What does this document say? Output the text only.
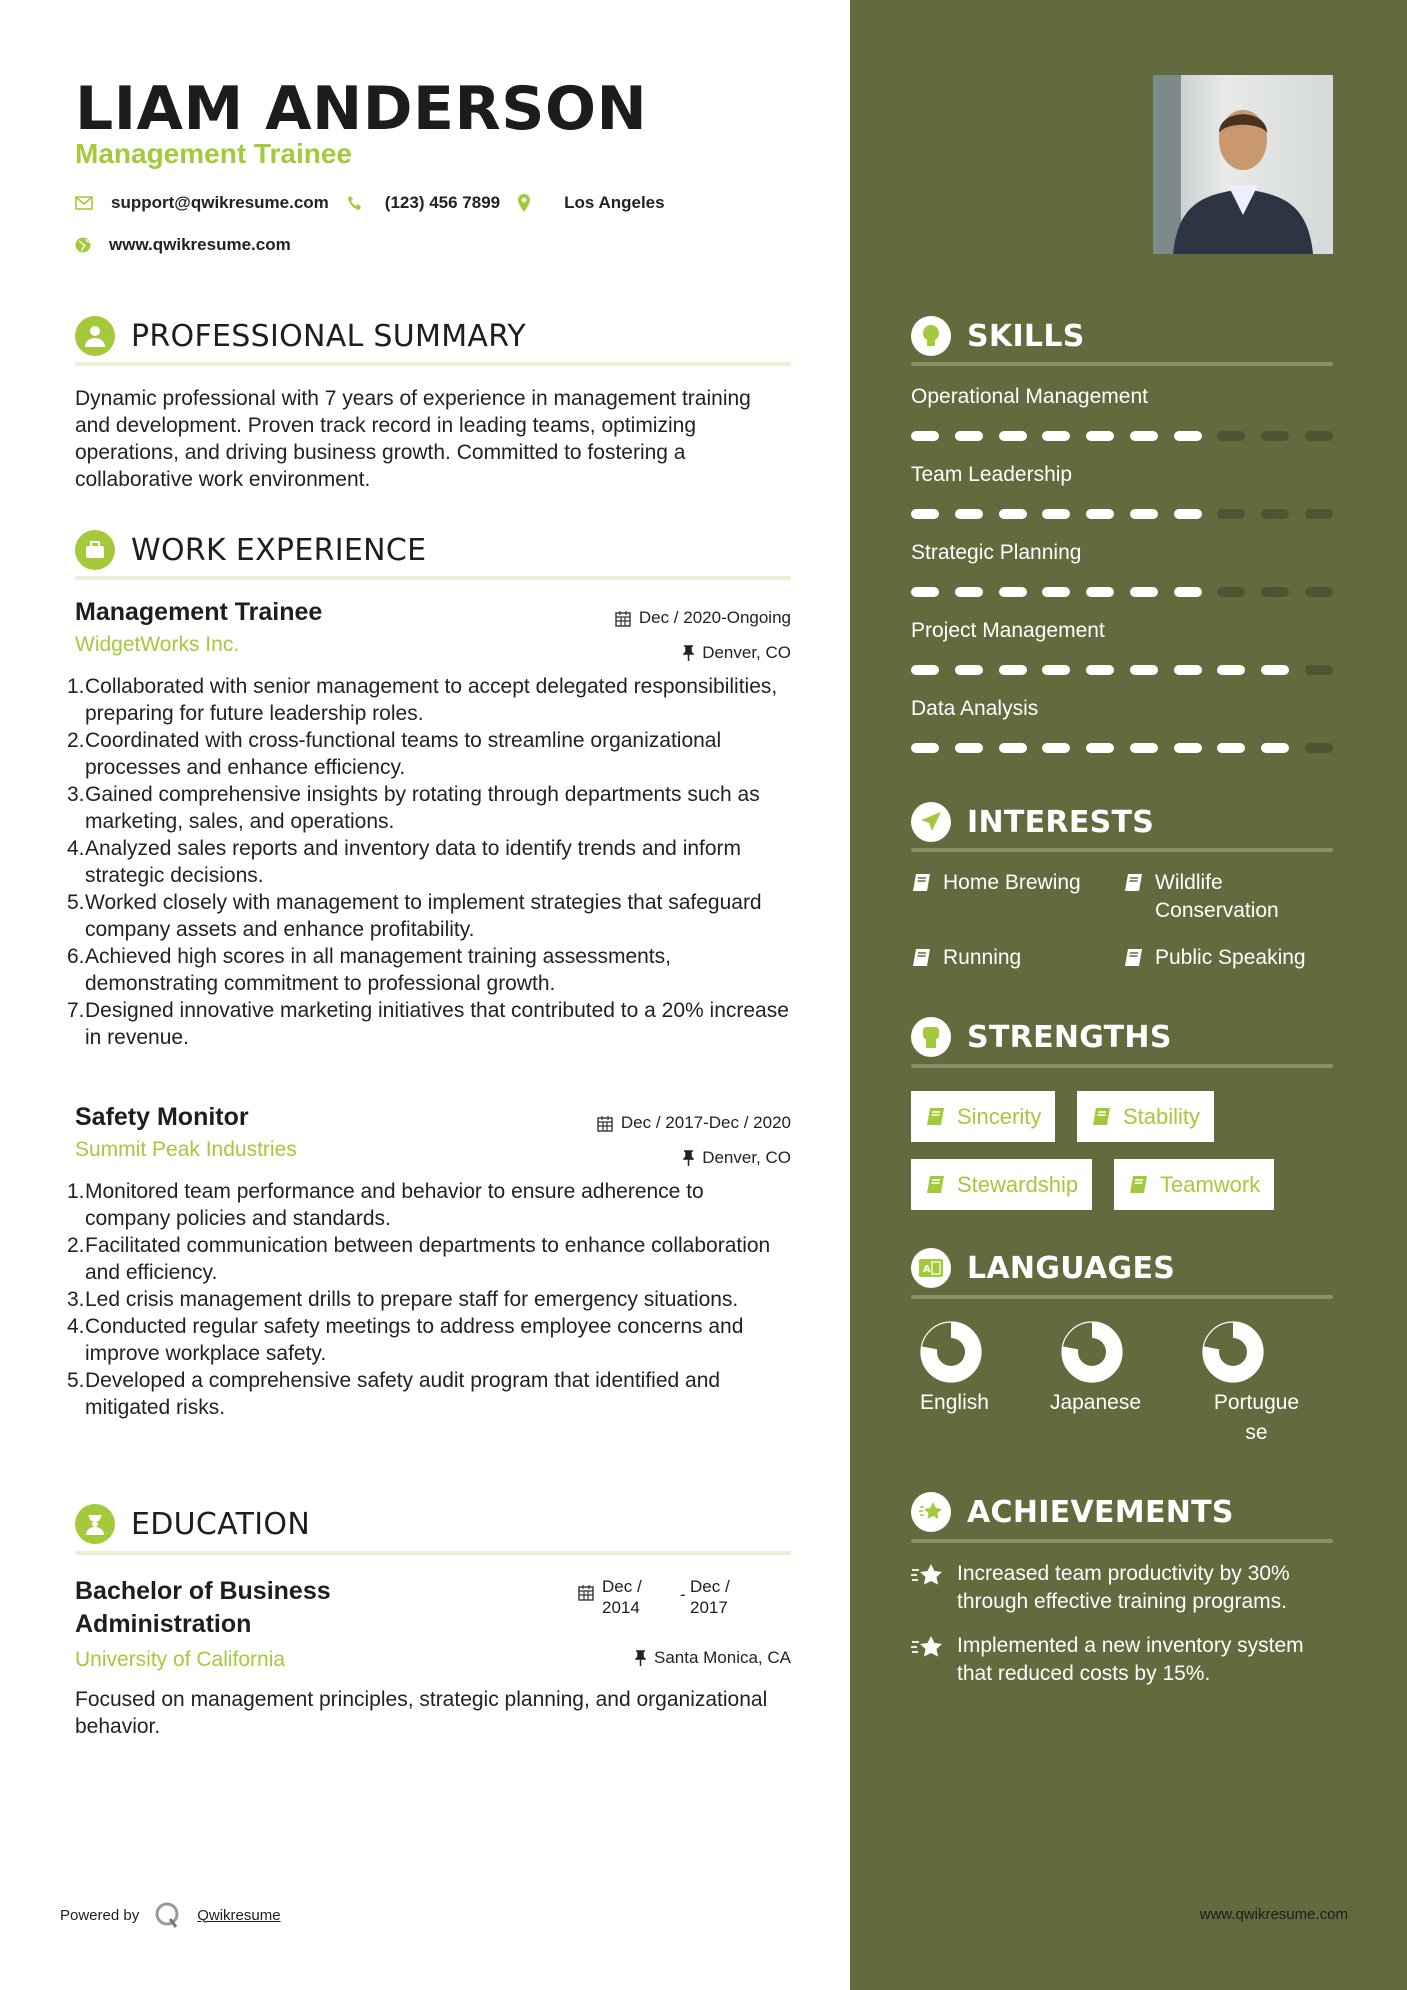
LIAM ANDERSON
Management Trainee
support@qwikresume.com	(123) 456 7899	Los Angeles
www.qwikresume.com
PROFESSIONAL SUMMARY
Dynamic professional with 7 years of experience in management training and development. Proven track record in leading teams, optimizing operations, and driving business growth. Committed to fostering a collaborative work environment.
WORK EXPERIENCE
Management Trainee	Dec / 2020-Ongoing
WidgetWorks Inc.	Denver, CO
1. Collaborated with senior management to accept delegated responsibilities, preparing for future leadership roles.
2. Coordinated with cross-functional teams to streamline organizational processes and enhance efficiency.
3. Gained comprehensive insights by rotating through departments such as marketing, sales, and operations.
4. Analyzed sales reports and inventory data to identify trends and inform strategic decisions.
5. Worked closely with management to implement strategies that safeguard company assets and enhance profitability.
6. Achieved high scores in all management training assessments, demonstrating commitment to professional growth.
7. Designed innovative marketing initiatives that contributed to a 20% increase in revenue.
Safety Monitor	Dec / 2017-Dec / 2020
Summit Peak Industries	Denver, CO
1. Monitored team performance and behavior to ensure adherence to company policies and standards.
2. Facilitated communication between departments to enhance collaboration and efficiency.
3. Led crisis management drills to prepare staff for emergency situations.
4. Conducted regular safety meetings to address employee concerns and improve workplace safety.
5. Developed a comprehensive safety audit program that identified and mitigated risks.
EDUCATION
Bachelor of Business Administration
Dec / 2014
- Dec / 2017
University of California	Santa Monica, CA
Focused on management principles, strategic planning, and organizational behavior.
Powered by	Qwikresume
SKILLS
Operational Management
Team Leadership
Strategic Planning
Project Management
Data Analysis
INTERESTS
Home Brewing	Wildlife Conservation
Running	Public Speaking
STRENGTHS
Sincerity	Stability
Stewardship	Teamwork
A LANGUAGES
English	Japanese	Portuguese
ACHIEVEMENTS
Increased team productivity by 30% through effective training programs.
Implemented a new inventory system that reduced costs by 15%.
www.qwikresume.com
